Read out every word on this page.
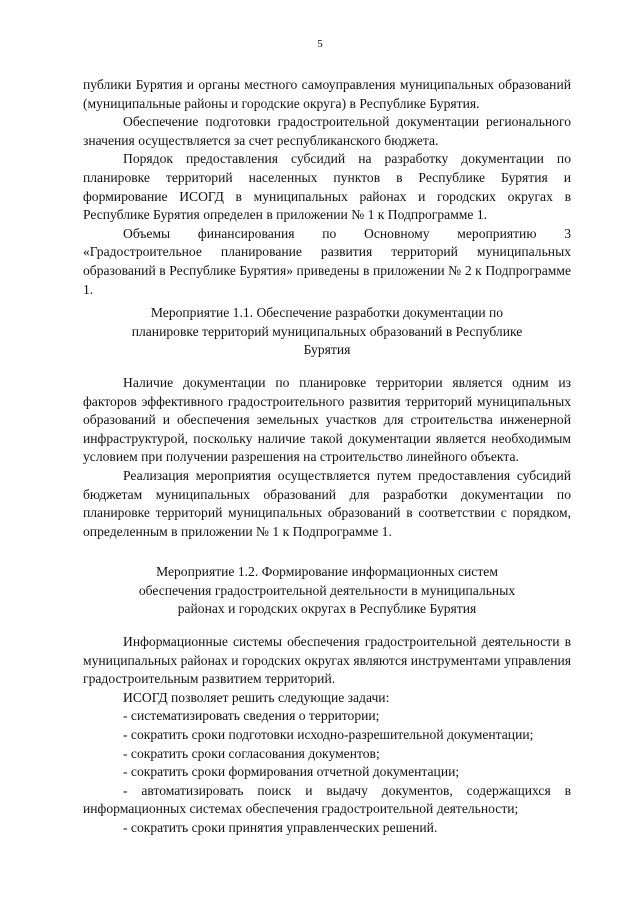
5

публики Бурятия и органы местного самоуправления муниципальных образований (муниципальные районы и городские округа) в Республике Бурятия.

Обеспечение подготовки градостроительной документации регионального значения осуществляется за счет республиканского бюджета.

Порядок предоставления субсидий на разработку документации по планировке территорий населенных пунктов в Республике Бурятия и формирование ИСОГД в муниципальных районах и городских округах в Республике Бурятия определен в приложении № 1 к Подпрограмме 1.

Объемы финансирования по Основному мероприятию 3 «Градостроительное планирование развития территорий муниципальных образований в Республике Бурятия» приведены в приложении № 2 к Подпрограмме 1.

Мероприятие 1.1. Обеспечение разработки документации по
планировке территорий муниципальных образований в Республике
Бурятия

Наличие документации по планировке территории является одним из факторов эффективного градостроительного развития территорий муниципальных образований и обеспечения земельных участков для строительства инженерной инфраструктурой, поскольку наличие такой документации является необходимым условием при получении разрешения на строительство линейного объекта.

Реализация мероприятия осуществляется путем предоставления субсидий бюджетам муниципальных образований для разработки документации по планировке территорий муниципальных образований в соответствии с порядком, определенным в приложении № 1 к Подпрограмме 1.

Мероприятие 1.2. Формирование информационных систем
обеспечения градостроительной деятельности в муниципальных
районах и городских округах в Республике Бурятия

Информационные системы обеспечения градостроительной деятельности в муниципальных районах и городских округах являются инструментами управления градостроительным развитием территорий.

ИСОГД позволяет решить следующие задачи:

- систематизировать сведения о территории;

- сократить сроки подготовки исходно-разрешительной документации;

- сократить сроки согласования документов;

- сократить сроки формирования отчетной документации;

- автоматизировать поиск и выдачу документов, содержащихся в информационных системах обеспечения градостроительной деятельности;

- сократить сроки принятия управленческих решений.
